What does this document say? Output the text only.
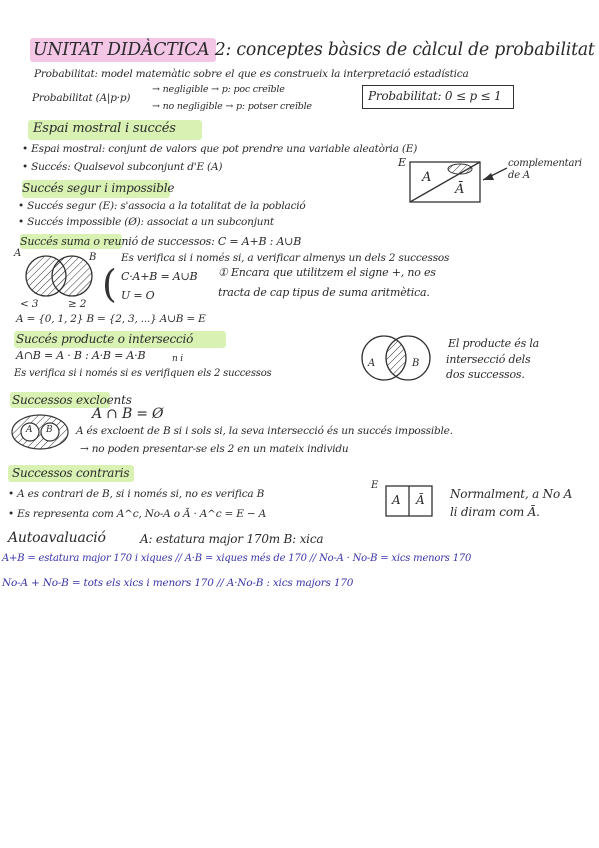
UNITAT DIDÀCTICA 2: conceptes bàsics de càlcul de probabilitat
Probabilitat: model matemàtic sobre el que es construeix la interpretació estadística
Probabilitat (A|p·p)
→ negligible → p: poc creïble
→ no negligible → p: potser creïble
Probabilitat: 0 ≤ p ≤ 1
Espai mostral i succés
• Espai mostral: conjunt de valors que pot prendre una variable aleatòria (E)
• Succés: Qualsevol subconjunt d'E (A)	E
A
Ā
complementari de A
Succés segur i impossible
• Succés segur (E): s'associa a la totalitat de la població
• Succés impossible (Ø): associat a un subconjunt
Succés suma o reunió de successos: C = A+B : A∪B
A	B
< 3	≥ 2
A = {0, 1, 2} B = {2, 3, ...} A∪B = E
Es verifica si i només si, a verificar almenys un dels 2 successos
( C·A+B = A∪B
U = O
① Encara que utilitzem el signe +, no es
tracta de cap tipus de suma aritmètica.
Succés producte o intersecció
A∩B = A · B : A·B = A·B	n i
Es verifica si i només si es verifiquen els 2 successos
A	B
El producte és la
intersecció dels
dos successos.
Successos excloents
A ∩ B = Ø
A és excloent de B si i sols si, la seva intersecció és un succés impossible.
→ no poden presentar-se els 2 en un mateix individu
A B
Successos contraris
• A es contrari de B, si i només si, no es verifica B
• Es representa com A^c, No-A o Ā · A^c = E − A
E
A Ā Normalment, a No A
li diram com Ā.
Autoavaluació	A: estatura major 170m B: xica
A+B = estatura major 170 i xiques // A·B = xiques més de 170 // No-A · No-B = xics menors 170
No-A + No-B = tots els xics i menors 170 // A·No-B : xics majors 170
